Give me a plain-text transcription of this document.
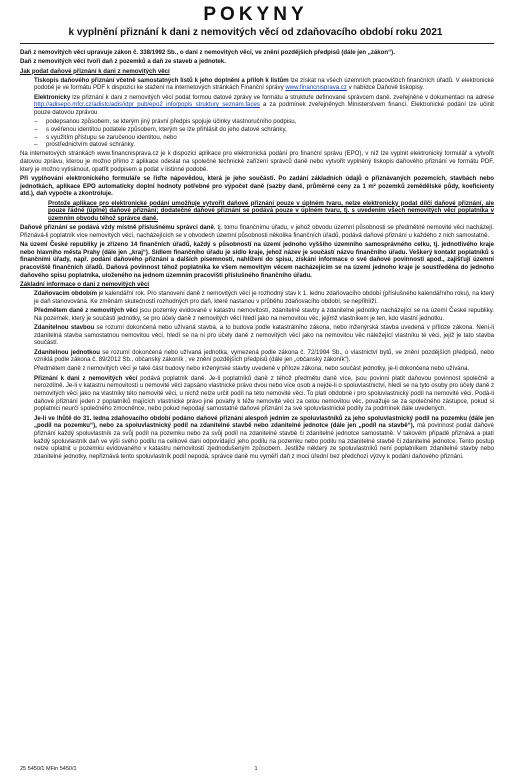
POKYNY
k vyplnění přiznání k dani z nemovitých věcí od zdaňovacího období roku 2021

Daň z nemovitých věcí upravuje zákon č. 338/1992 Sb., o dani z nemovitých věcí, ve znění pozdějších předpisů (dále jen „zákon“).

Daň z nemovitých věcí tvoří daň z pozemků a daň ze staveb a jednotek.

Jak podat daňové přiznání k dani z nemovitých věcí

Tiskopis daňového přiznání včetně samostatných listů k jeho doplnění a příloh k listům lze získat na všech územních pracovištích finančních úřadů. V elektronické podobě je ve formátu PDF k dispozici ke stažení na internetových stránkách Finanční správy www.financnisprava.cz v nabídce Daňové tiskopisy.

Elektronicky lze přiznání k dani z nemovitých věcí podat formou datové zprávy ve formátu a struktuře definované správcem daně, zveřejněné v dokumentaci na adrese http://adisepo.mfcr.cz/adistc/adis/idpr_pub/epo2_info/popis_struktury_seznam.faces a za podmínek zveřejněných Ministerstvem financí. Elektronické podání lze učinit pouze datovou zprávou

– podepsanou způsobem, se kterým jiný právní předpis spojuje účinky vlastnoručního podpisu,
– s ověřenou identitou podatele způsobem, kterým se lze přihlásit do jeho datové schránky,
– s využitím přístupu se zaručenou identitou, nebo
– prostřednictvím datové schránky.

Na internetových stránkách www.financnisprava.cz je k dispozici aplikace pro elektronická podání pro finanční správu (EPO), v níž lze vyplnit elektronický formulář a vytvořit datovou zprávu, kterou je možno přímo z aplikace odeslat na společné technické zařízení správců daně nebo vytvořit vyplněný tiskopis daňového přiznání ve formátu PDF, který je možno vytisknout, opatřit podpisem a podat v listinné podobě.

Při vyplňování elektronického formuláře se řiďte nápovědou, která je jeho součástí. Po zadání základních údajů o přiznávaných pozemcích, stavbách nebo jednotkách, aplikace EPO automaticky doplní hodnoty potřebné pro výpočet daně (sazby daně, průměrné ceny za 1 m² pozemků zemědělské půdy, koeficienty atd.), daň vypočte a zkontroluje.

Protože aplikace pro elektronické podání umožňuje vytvořit daňové přiznání pouze v úplném tvaru, nelze elektronicky podat dílčí daňové přiznání, ale pouze řádné (úplné) daňové přiznání; dodatečné daňové přiznání se podává pouze v úplném tvaru, tj. s uvedením všech nemovitých věcí poplatníka v územním obvodu téhož správce daně.

Daňové přiznání se podává vždy místně příslušnému správci daně, tj. tomu finančnímu úřadu, v jehož obvodu územní působnosti se předmětné nemovité věci nacházejí. Přiznává-li poplatník více nemovitých věcí, nacházejících se v obvodech územní působnosti několika finančních úřadů, podává daňové přiznání u každého z nich samostatně.

Na území České republiky je zřízeno 14 finančních úřadů, každý s působností na území jednoho vyššího územního samosprávného celku, tj. jednotlivého kraje nebo hlavního města Prahy (dále jen „kraj“). Sídlem finančního úřadu je sídlo kraje, jehož název je součástí názvu finančního úřadu. Veškerý kontakt poplatníků s finančními úřady, např. podání daňového přiznání a dalších písemností, nahlížení do spisu, získání informace o své daňové povinnosti apod., zajišťují územní pracoviště finančních úřadů. Daňová povinnost téhož poplatníka ke všem nemovitým věcem nacházejícím se na území jednoho kraje je soustředěna do jednoho daňového spisu poplatníka, uloženého na jednom územním pracovišti příslušného finančního úřadu.

Základní informace o dani z nemovitých věcí

Zdaňovacím obdobím je kalendářní rok. Pro stanovení daně z nemovitých věcí je rozhodný stav k 1. lednu zdaňovacího období (příslušného kalendářního roku), na který je daň stanovována. Ke změnám skutečností rozhodných pro daň, které nastanou v průběhu zdaňovacího období, se nepřihlíží.

Předmětem daně z nemovitých věcí jsou pozemky evidované v katastru nemovitostí, zdanitelné stavby a zdanitelné jednotky nacházející se na území České republiky. Na pozemek, který je součástí jednotky, se pro účely daně z nemovitých věcí hledí jako na nemovitou věc, jejímž vlastníkem je ten, kdo vlastní jednotku.

Zdanitelnou stavbou se rozumí dokončená nebo užívaná stavba, a to budova podle katastrálního zákona, nebo inženýrská stavba uvedená v příloze zákona. Není-li zdanitelná stavba samostatnou nemovitou věcí, hledí se na ni pro účely daně z nemovitých věcí jako na nemovitou věc náležející vlastníku té věci, jejíž je tato stavba součástí.

Zdanitelnou jednotkou se rozumí dokončená nebo užívaná jednotka, vymezená podle zákona č. 72/1994 Sb., o vlastnictví bytů, ve znění pozdějších předpisů, nebo vzniklá podle zákona č. 89/2012 Sb., občanský zákoník , ve znění pozdějších předpisů (dále jen „občanský zákoník“).

Předmětem daně z nemovitých věcí je také část budovy nebo inženýrské stavby uvedené v příloze zákona, nebo součást jednotky, je-li dokončena nebo užívána.

Přiznání k dani z nemovitých věcí podává poplatník daně. Je-li poplatníků daně z téhož předmětu daně více, jsou povinni platit daňovou povinnost společně a nerozdílně. Je-li v katastru nemovitostí u nemovité věci zapsáno vlastnické právo dvou nebo více osob a nejde-li o spoluvlastnictví, hledí se na tyto osoby pro účely daně z nemovitých věcí jako na vlastníky této nemovité věci, u nichž nelze určit podíl na této nemovité věci. To platí obdobně i pro spoluvlastnický podíl na nemovité věci. Podá-li daňové přiznání jeden z poplatníků majících vlastnické právo jiné povahy k téže nemovité věci za celou nemovitou věc, považuje se za společného zástupce, pokud si poplatníci neurčí společného zmocněnce, nebo pokud nepodají samostatné daňové přiznání za své spoluvlastnické podíly za podmínek dále uvedených.

Je-li ve lhůtě do 31. ledna zdaňovacího období podáno daňové přiznání alespoň jedním ze spoluvlastníků za jeho spoluvlastnický podíl na pozemku (dále jen „podíl na pozemku“), nebo za spoluvlastnický podíl na zdanitelné stavbě nebo zdanitelné jednotce (dále jen „podíl na stavbě“), má povinnost podat daňové přiznání každý spoluvlastník za svůj podíl na pozemku nebo za svůj podíl na zdanitelné stavbě či zdanitelné jednotce samostatně. V takovém případě přiznává a platí každý spoluvlastník daň ve výši svého podílu na celkové dani odpovídající jeho podílu na pozemku nebo podílu na zdanitelné stavbě či zdanitelné jednotce. Tento postup nelze uplatnit u pozemku evidovaného v katastru nemovitostí zjednodušeným způsobem. Jestliže některý ze spoluvlastníků není poplatníkem zdanitelné stavby nebo zdanitelné jednotky, nepřiznává tento spoluvlastník podíl nepodá, správce daně mu vyměří daň z moci úřední bez předchozí výzvy k podání daňového přiznání.

25 5450/1 MFin 5450/1	1
